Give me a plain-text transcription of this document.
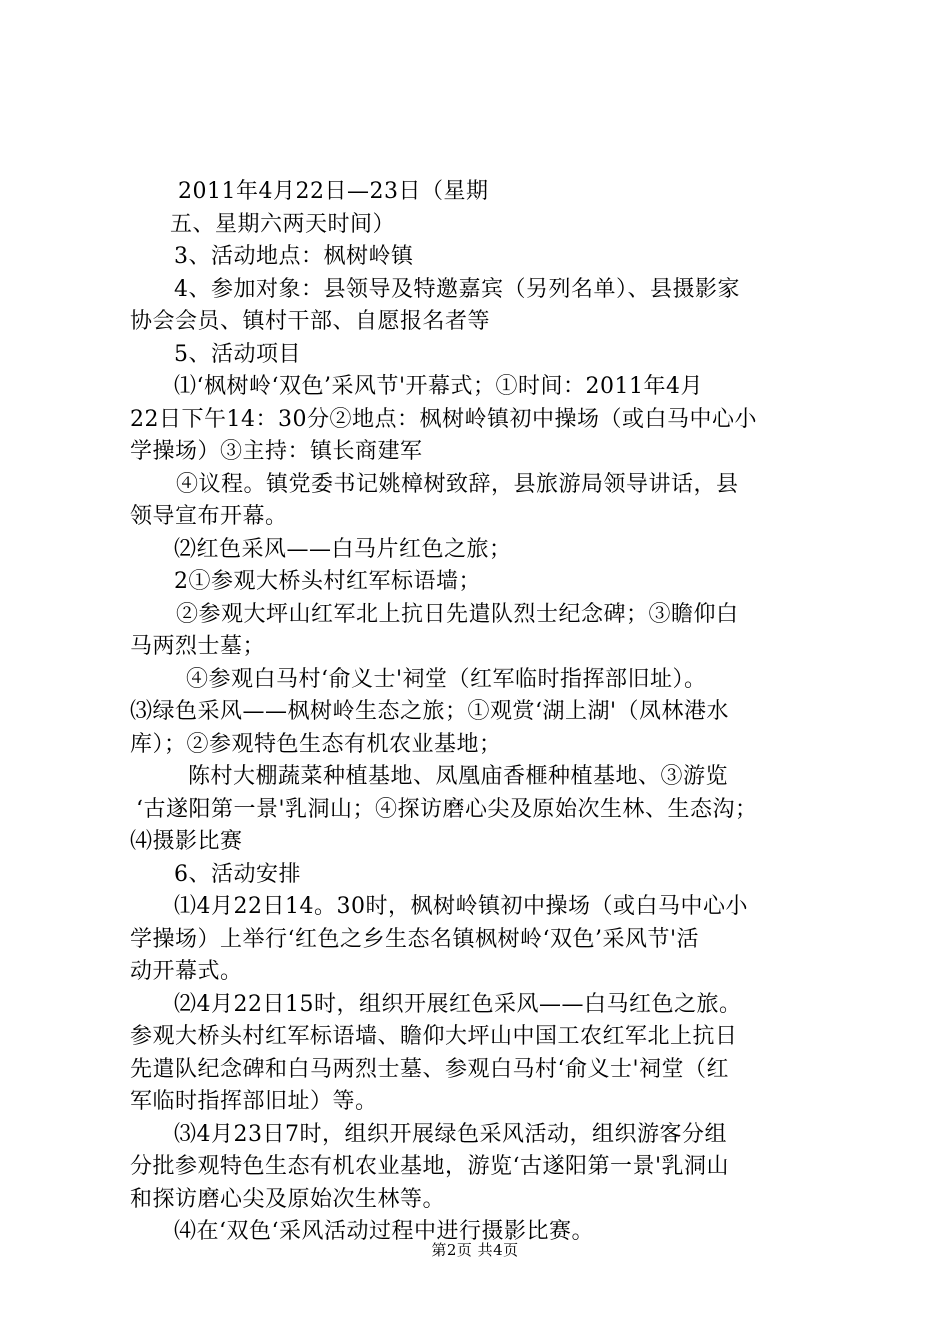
2011年4月22日—23日（星期
五、星期六两天时间）
3、活动地点：枫树岭镇
4、参加对象：县领导及特邀嘉宾（另列名单）、县摄影家
协会会员、镇村干部、自愿报名者等
5、活动项目
⑴‘枫树岭‘双色’采风节'开幕式；①时间：2011年4月
22日下午14：30分②地点：枫树岭镇初中操场（或白马中心小
学操场）③主持：镇长商建军
④议程。镇党委书记姚樟树致辞，县旅游局领导讲话，县
领导宣布开幕。
⑵红色采风——白马片红色之旅；
2①参观大桥头村红军标语墙；
②参观大坪山红军北上抗日先遣队烈士纪念碑；③瞻仰白
马两烈士墓；
④参观白马村‘俞义士'祠堂（红军临时指挥部旧址）。
⑶绿色采风——枫树岭生态之旅；①观赏‘湖上湖'（凤林港水
库）；②参观特色生态有机农业基地；
陈村大棚蔬菜种植基地、凤凰庙香榧种植基地、③游览
‘古遂阳第一景'乳洞山；④探访磨心尖及原始次生林、生态沟；
⑷摄影比赛
6、活动安排
⑴4月22日14。30时，枫树岭镇初中操场（或白马中心小
学操场）上举行‘红色之乡生态名镇枫树岭‘双色’采风节'活
动开幕式。
⑵4月22日15时，组织开展红色采风——白马红色之旅。
参观大桥头村红军标语墙、瞻仰大坪山中国工农红军北上抗日
先遣队纪念碑和白马两烈士墓、参观白马村‘俞义士'祠堂（红
军临时指挥部旧址）等。
⑶4月23日7时，组织开展绿色采风活动，组织游客分组
分批参观特色生态有机农业基地，游览‘古遂阳第一景'乳洞山
和探访磨心尖及原始次生林等。
⑷在‘双色‘采风活动过程中进行摄影比赛。
第2页 共4页
